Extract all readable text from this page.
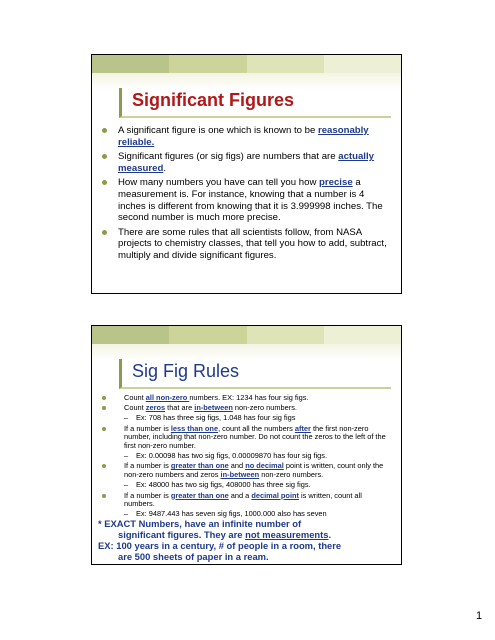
Significant Figures
A significant figure is one which is known to be reasonably reliable.
Significant figures (or sig figs) are numbers that are actually measured.
How many numbers you have can tell you how precise a measurement is. For instance, knowing that a number is 4 inches is different from knowing that it is 3.999998 inches. The second number is much more precise.
There are some rules that all scientists follow, from NASA projects to chemistry classes, that tell you how to add, subtract, multiply and divide significant figures.
Sig Fig Rules
Count all non-zero numbers. EX: 1234 has four sig figs.
Count zeros that are in-between non-zero numbers.
– Ex: 708 has three sig figs, 1.048 has four sig figs
If a number is less than one, count all the numbers after the first non-zero number, including that non-zero number. Do not count the zeros to the left of the first non-zero number.
– Ex: 0.00098 has two sig figs, 0.00009870 has four sig figs.
If a number is greater than one and no decimal point is written, count only the non-zero numbers and zeros in-between non-zero numbers.
– Ex: 48000 has two sig figs, 408000 has three sig figs.
If a number is greater than one and a decimal point is written, count all numbers.
– Ex: 9487.443 has seven sig figs, 1000.000 also has seven

* EXACT Numbers, have an infinite number of
significant figures. They are not measurements.

EX: 100 years in a century, # of people in a room, there
are 500 sheets of paper in a ream.

1
